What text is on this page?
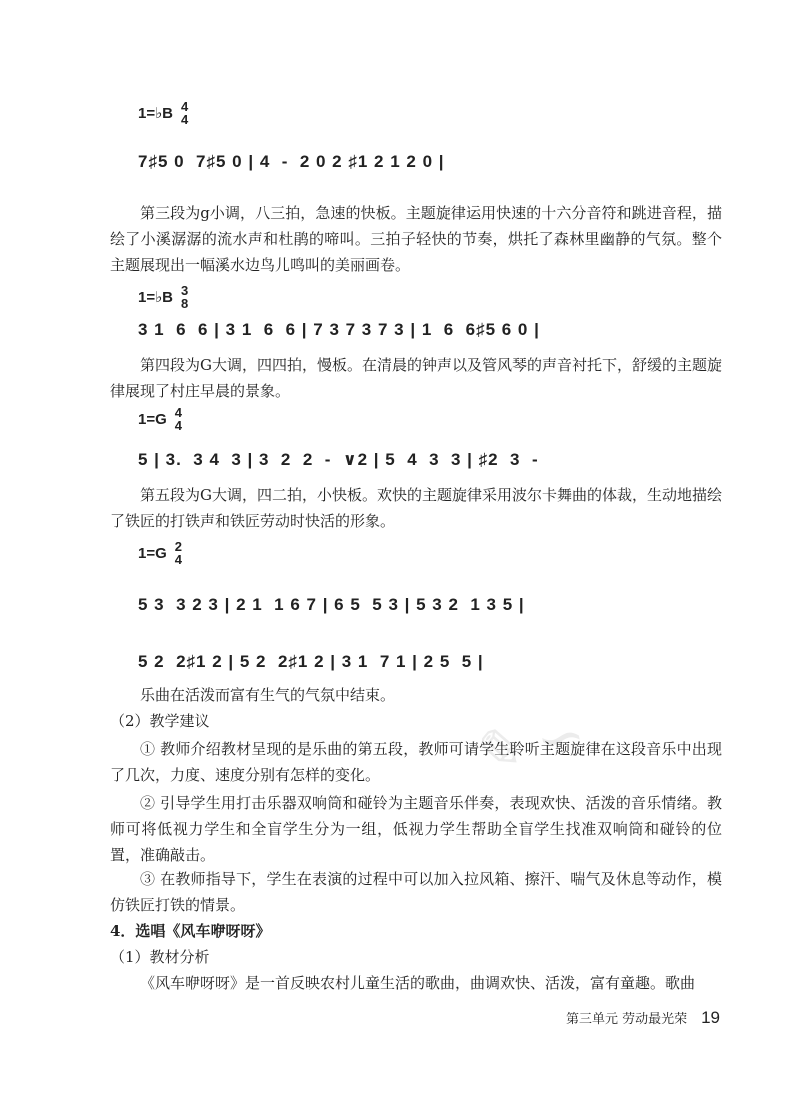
1=♭B 4
4
7♯5 0  7♯5 0 | 4  -  2 0 2 ♯1 2 1 2 0 |

第三段为g小调，八三拍，急速的快板。主题旋律运用快速的十六分音符和跳进音程，描绘了小溪潺潺的流水声和杜鹃的啼叫。三拍子轻快的节奏，烘托了森林里幽静的气氛。整个主题展现出一幅溪水边鸟儿鸣叫的美丽画卷。

1=♭B 3
8
3 1  6  6 | 3 1  6  6 | 7 3 7 3 7 3 | 1  6  6♯5 6 0 |

第四段为G大调，四四拍，慢板。在清晨的钟声以及管风琴的声音衬托下，舒缓的主题旋律展现了村庄早晨的景象。

1=G 4
4
5 | 3.  3 4  3 | 3  2  2  -  ∨2 | 5  4  3  3 | ♯2  3  -

第五段为G大调，四二拍，小快板。欢快的主题旋律采用波尔卡舞曲的体裁，生动地描绘了铁匠的打铁声和铁匠劳动时快活的形象。

1=G 2
4
5 3  3 2 3 | 2 1  1 6 7 | 6 5  5 3 | 5 3 2  1 3 5 |
5 2  2♯1 2 | 5 2  2♯1 2 | 3 1  7 1 | 2 5  5 |

乐曲在活泼而富有生气的气氛中结束。

（2）教学建议	✎ ∽

① 教师介绍教材呈现的是乐曲的第五段，教师可请学生聆听主题旋律在这段音乐中出现了几次，力度、速度分别有怎样的变化。

② 引导学生用打击乐器双响筒和碰铃为主题音乐伴奏，表现欢快、活泼的音乐情绪。教师可将低视力学生和全盲学生分为一组，低视力学生帮助全盲学生找准双响筒和碰铃的位置，准确敲击。

③ 在教师指导下，学生在表演的过程中可以加入拉风箱、擦汗、喘气及休息等动作，模仿铁匠打铁的情景。

4．选唱《风车咿呀呀》
（1）教材分析

《风车咿呀呀》是一首反映农村儿童生活的歌曲，曲调欢快、活泼，富有童趣。歌曲

第三单元 劳动最光荣 19
